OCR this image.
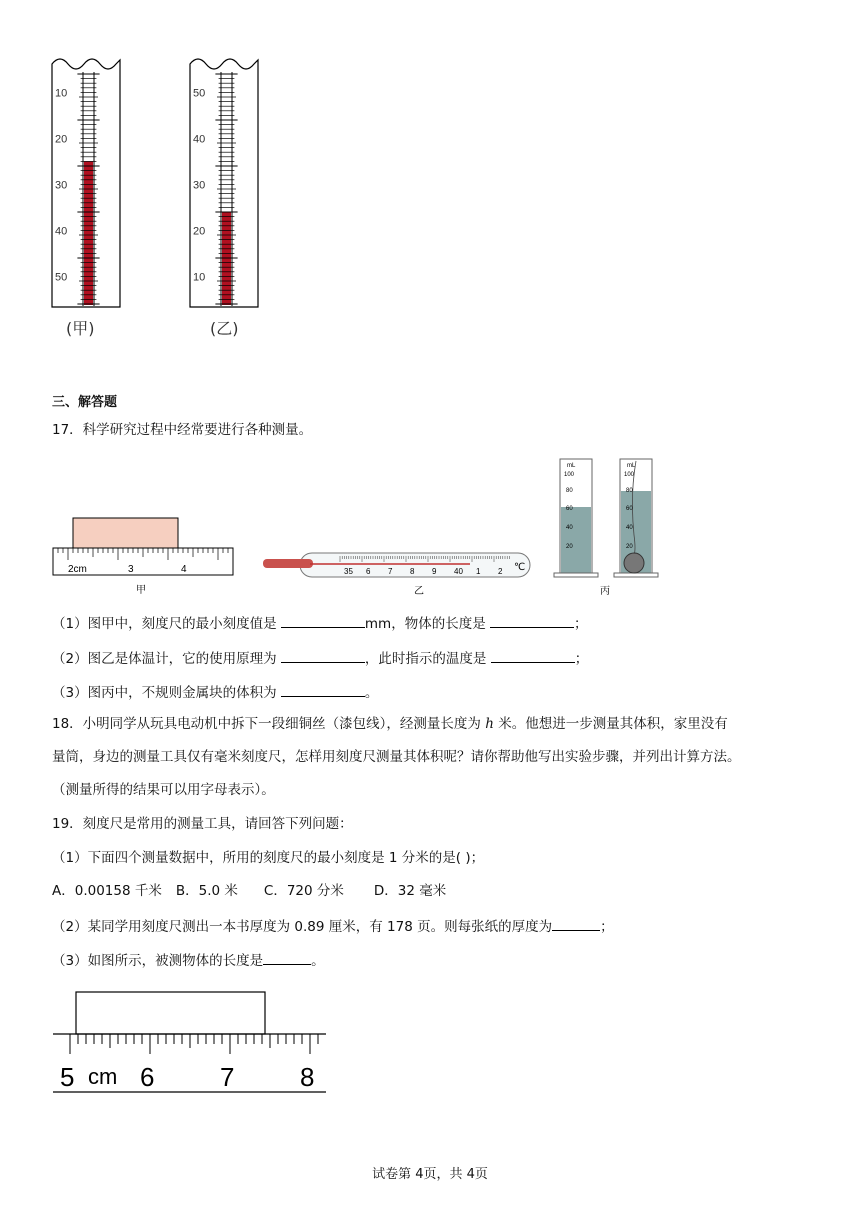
10
20
30
40
50
50
40
30
20
10
(甲)	(乙)
三、解答题
17．科学研究过程中经常要进行各种测量。
2cm	3	4
甲
35 6 7 8 9 40 1 2 ℃
乙
mL
100
80
60
40
20
mL
100
80
60
40
20
丙
（1）图甲中，刻度尺的最小刻度值是	mm，物体的长度是	；
（2）图乙是体温计，它的使用原理为	，此时指示的温度是	；
（3）图丙中，不规则金属块的体积为	。
18．小明同学从玩具电动机中拆下一段细铜丝（漆包线），经测量长度为 h 米。他想进一步测量其体积，家里没有
量筒，身边的测量工具仅有毫米刻度尺，怎样用刻度尺测量其体积呢？请你帮助他写出实验步骤，并列出计算方法。
（测量所得的结果可以用字母表示）。
19．刻度尺是常用的测量工具，请回答下列问题：
（1）下面四个测量数据中，所用的刻度尺的最小刻度是 1 分米的是( )；
A．0.00158 千米 B．5.0 米 C．720 分米 D．32 毫米
（2）某同学用刻度尺测出一本书厚度为 0.89 厘米，有 178 页。则每张纸的厚度为	；
（3）如图所示，被测物体的长度是	。
5 cm 6	7	8
试卷第 4页，共 4页
